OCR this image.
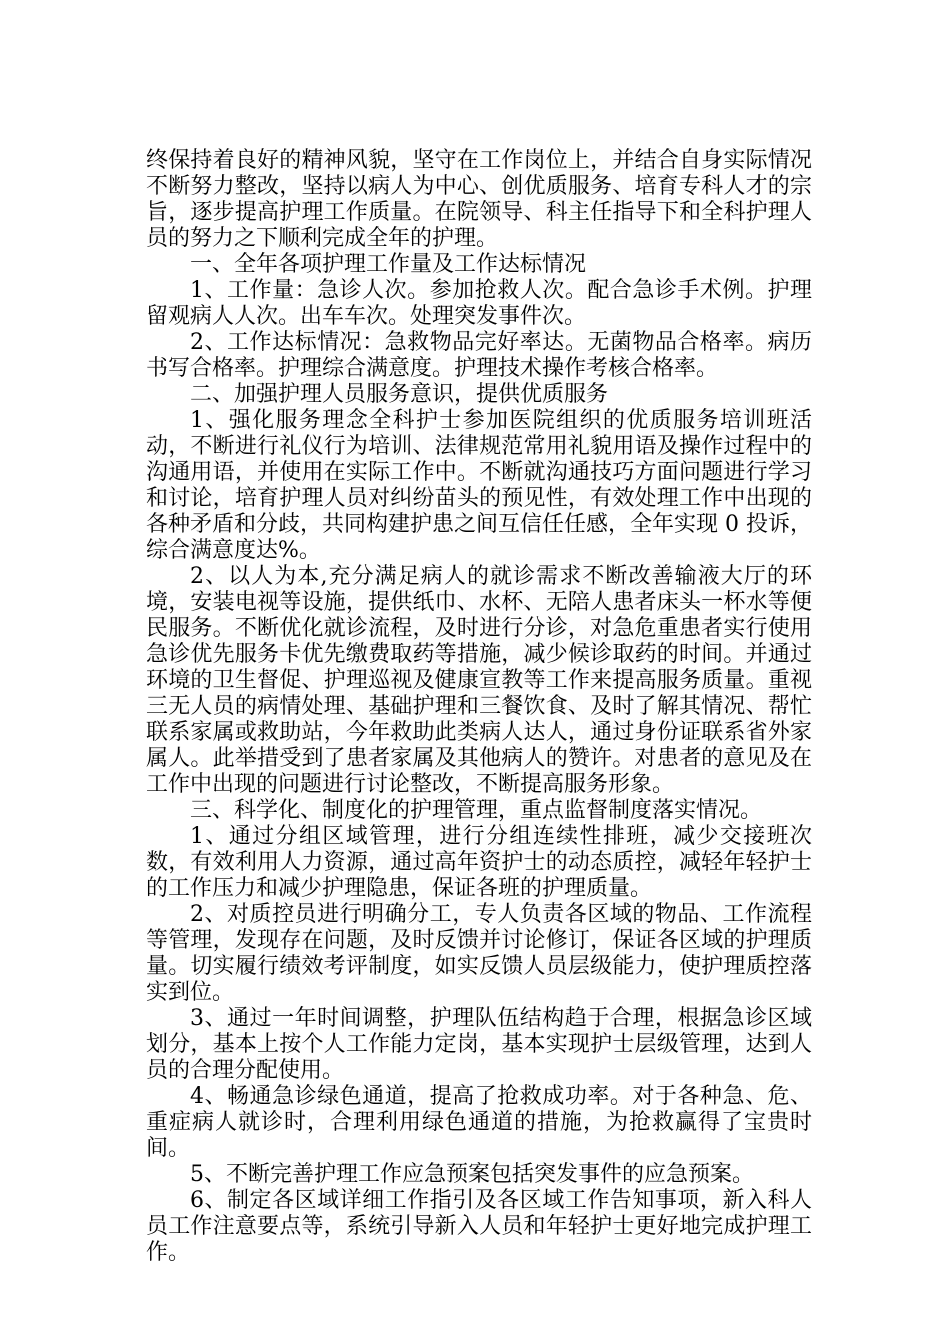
终保持着良好的精神风貌，坚守在工作岗位上，并结合自身实际情况不断努力整改，坚持以病人为中心、创优质服务、培育专科人才的宗旨，逐步提高护理工作质量。在院领导、科主任指导下和全科护理人员的努力之下顺利完成全年的护理。

一、全年各项护理工作量及工作达标情况

1、工作量：急诊人次。参加抢救人次。配合急诊手术例。护理留观病人人次。出车车次。处理突发事件次。

2、工作达标情况：急救物品完好率达。无菌物品合格率。病历书写合格率。护理综合满意度。护理技术操作考核合格率。

二、加强护理人员服务意识，提供优质服务

1、强化服务理念全科护士参加医院组织的优质服务培训班活动，不断进行礼仪行为培训、法律规范常用礼貌用语及操作过程中的沟通用语，并使用在实际工作中。不断就沟通技巧方面问题进行学习和讨论，培育护理人员对纠纷苗头的预见性，有效处理工作中出现的各种矛盾和分歧，共同构建护患之间互信任任感，全年实现 0 投诉，综合满意度达%。

2、以人为本,充分满足病人的就诊需求不断改善输液大厅的环境，安装电视等设施，提供纸巾、水杯、无陪人患者床头一杯水等便民服务。不断优化就诊流程，及时进行分诊，对急危重患者实行使用急诊优先服务卡优先缴费取药等措施，减少候诊取药的时间。并通过环境的卫生督促、护理巡视及健康宣教等工作来提高服务质量。重视三无人员的病情处理、基础护理和三餐饮食、及时了解其情况、帮忙联系家属或救助站，今年救助此类病人达人，通过身份证联系省外家属人。此举措受到了患者家属及其他病人的赞许。对患者的意见及在工作中出现的问题进行讨论整改，不断提高服务形象。

三、科学化、制度化的护理管理，重点监督制度落实情况。

1、通过分组区域管理，进行分组连续性排班，减少交接班次数，有效利用人力资源，通过高年资护士的动态质控，减轻年轻护士的工作压力和减少护理隐患，保证各班的护理质量。

2、对质控员进行明确分工，专人负责各区域的物品、工作流程等管理，发现存在问题，及时反馈并讨论修订，保证各区域的护理质量。切实履行绩效考评制度，如实反馈人员层级能力，使护理质控落实到位。

3、通过一年时间调整，护理队伍结构趋于合理，根据急诊区域划分，基本上按个人工作能力定岗，基本实现护士层级管理，达到人员的合理分配使用。

4、畅通急诊绿色通道，提高了抢救成功率。对于各种急、危、重症病人就诊时，合理利用绿色通道的措施，为抢救赢得了宝贵时间。

5、不断完善护理工作应急预案包括突发事件的应急预案。

6、制定各区域详细工作指引及各区域工作告知事项，新入科人员工作注意要点等，系统引导新入人员和年轻护士更好地完成护理工作。
